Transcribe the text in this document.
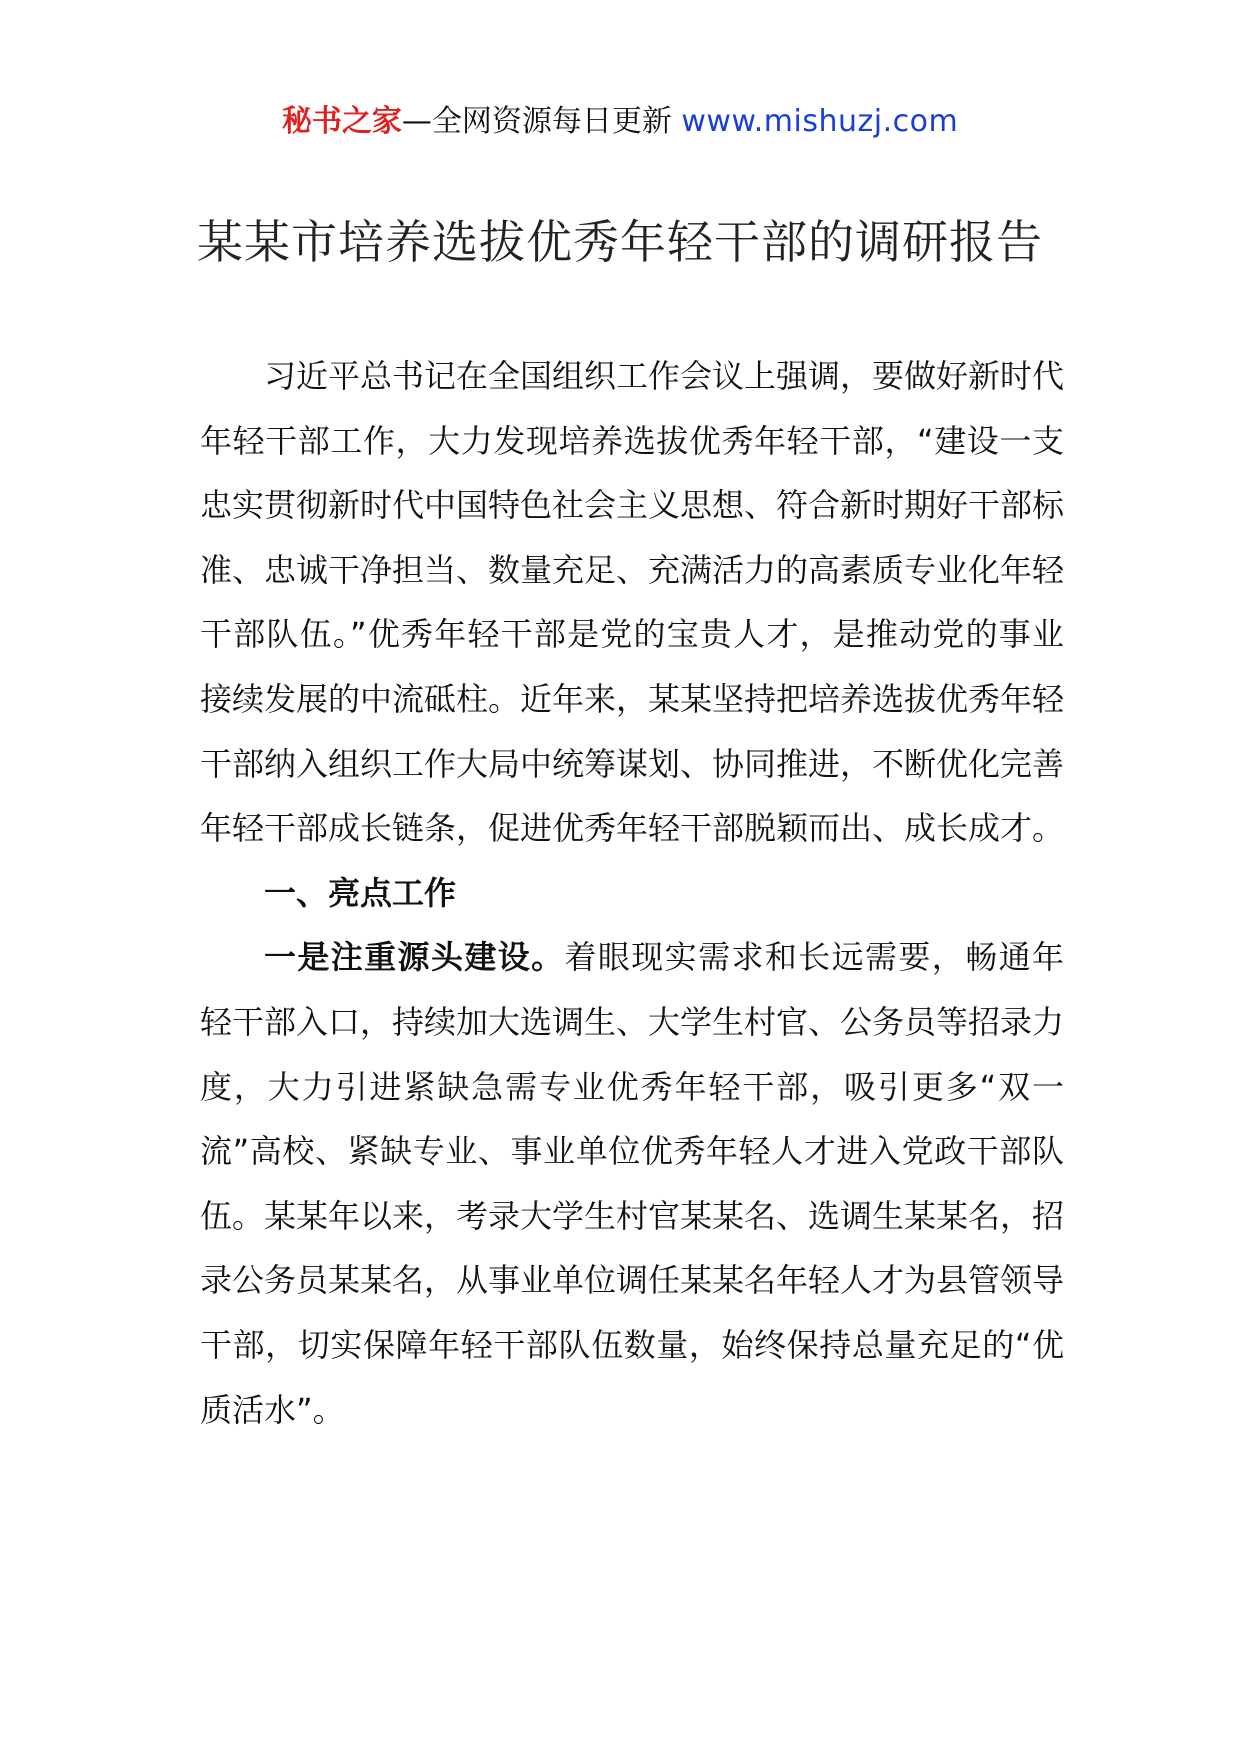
秘书之家—全网资源每日更新 www.mishuzj.com
某某市培养选拔优秀年轻干部的调研报告

习近平总书记在全国组织工作会议上强调，要做好新时代年轻干部工作，大力发现培养选拔优秀年轻干部，“建设一支忠实贯彻新时代中国特色社会主义思想、符合新时期好干部标准、忠诚干净担当、数量充足、充满活力的高素质专业化年轻干部队伍。”优秀年轻干部是党的宝贵人才，是推动党的事业接续发展的中流砥柱。近年来，某某坚持把培养选拔优秀年轻干部纳入组织工作大局中统筹谋划、协同推进，不断优化完善年轻干部成长链条，促进优秀年轻干部脱颖而出、成长成才。

一、亮点工作

一是注重源头建设。着眼现实需求和长远需要，畅通年轻干部入口，持续加大选调生、大学生村官、公务员等招录力度，大力引进紧缺急需专业优秀年轻干部，吸引更多“双一流”高校、紧缺专业、事业单位优秀年轻人才进入党政干部队伍。某某年以来，考录大学生村官某某名、选调生某某名，招录公务员某某名，从事业单位调任某某名年轻人才为县管领导干部，切实保障年轻干部队伍数量，始终保持总量充足的“优质活水”。
